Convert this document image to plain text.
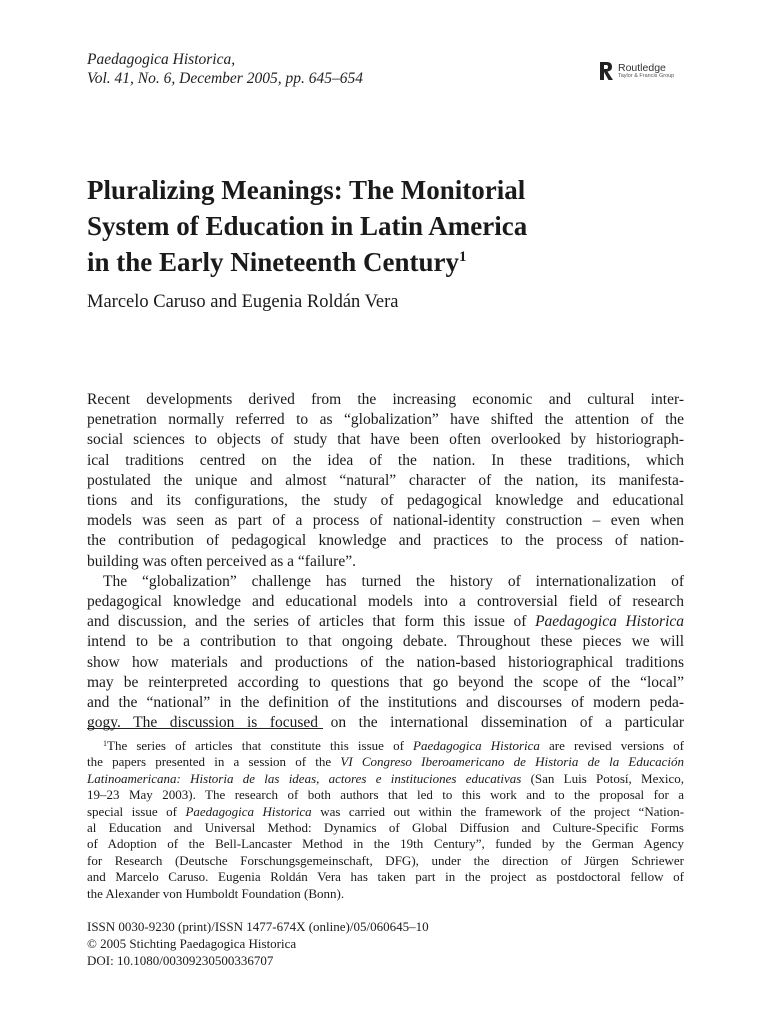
Paedagogica Historica,
Vol. 41, No. 6, December 2005, pp. 645–654
Routledge
Taylor & Francis Group
Pluralizing Meanings: The Monitorial
System of Education in Latin America
in the Early Nineteenth Century$^1$
Marcelo Caruso and Eugenia Roldán Vera
Recent developments derived from the increasing economic and cultural inter-
penetration normally referred to as “globalization” have shifted the attention of the
social sciences to objects of study that have been often overlooked by historiograph-
ical traditions centred on the idea of the nation. In these traditions, which
postulated the unique and almost “natural” character of the nation, its manifesta-
tions and its configurations, the study of pedagogical knowledge and educational
models was seen as part of a process of national-identity construction – even when
the contribution of pedagogical knowledge and practices to the process of nation-
building was often perceived as a “failure”.
The “globalization” challenge has turned the history of internationalization of
pedagogical knowledge and educational models into a controversial field of research
and discussion, and the series of articles that form this issue of Paedagogica Historica
intend to be a contribution to that ongoing debate. Throughout these pieces we will
show how materials and productions of the nation-based historiographical traditions
may be reinterpreted according to questions that go beyond the scope of the “local”
and the “national” in the definition of the institutions and discourses of modern peda-
gogy. The discussion is focused on the international dissemination of a particular
$^1$The series of articles that constitute this issue of Paedagogica Historica are revised versions of
the papers presented in a session of the VI Congreso Iberoamericano de Historia de la Educación
Latinoamericana: Historia de las ideas, actores e instituciones educativas (San Luis Potosí, Mexico,
19–23 May 2003). The research of both authors that led to this work and to the proposal for a
special issue of Paedagogica Historica was carried out within the framework of the project “Nation-
al Education and Universal Method: Dynamics of Global Diffusion and Culture-Specific Forms
of Adoption of the Bell-Lancaster Method in the 19th Century”, funded by the German Agency
for Research (Deutsche Forschungsgemeinschaft, DFG), under the direction of Jürgen Schriewer
and Marcelo Caruso. Eugenia Roldán Vera has taken part in the project as postdoctoral fellow of
the Alexander von Humboldt Foundation (Bonn).
ISSN 0030-9230 (print)/ISSN 1477-674X (online)/05/060645–10
© 2005 Stichting Paedagogica Historica
DOI: 10.1080/00309230500336707
